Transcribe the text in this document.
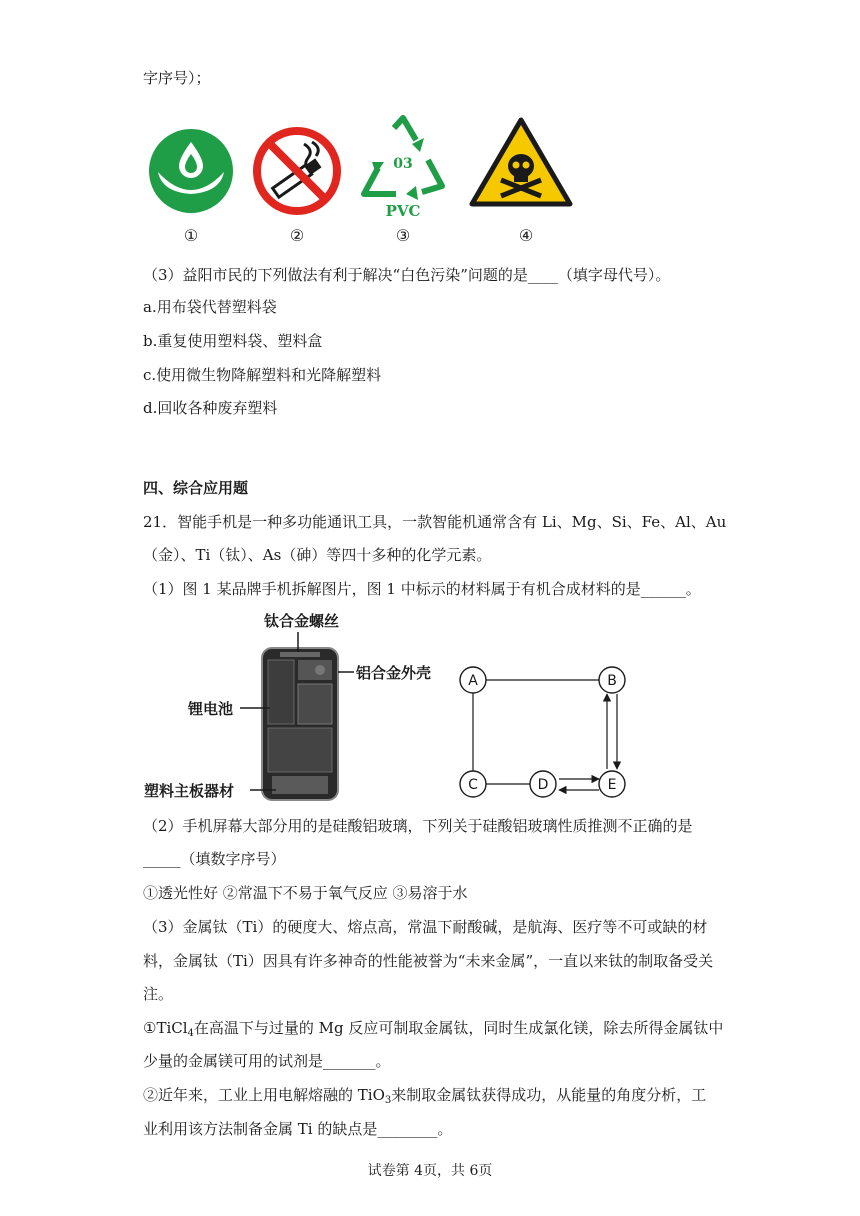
字序号）；
①	②
03
PVC
③	④
（3）益阳市民的下列做法有利于解决“白色污染”问题的是____（填字母代号）。
a.用布袋代替塑料袋
b.重复使用塑料袋、塑料盒
c.使用微生物降解塑料和光降解塑料
d.回收各种废弃塑料
四、综合应用题
21．智能手机是一种多功能通讯工具，一款智能机通常含有 Li、Mg、Si、Fe、Al、Au
（金）、Ti（钛）、As（砷）等四十多种的化学元素。
（1）图 1 某品牌手机拆解图片，图 1 中标示的材料属于有机合成材料的是______。
钛合金螺丝
铝合金外壳
锂电池
塑料主板器材
A	B
C	D	E
（2）手机屏幕大部分用的是硅酸铝玻璃，下列关于硅酸铝玻璃性质推测不正确的是
_____（填数字序号）
①透光性好 ②常温下不易于氧气反应 ③易溶于水
（3）金属钛（Ti）的硬度大、熔点高，常温下耐酸碱，是航海、医疗等不可或缺的材
料，金属钛（Ti）因具有许多神奇的性能被誉为“未来金属”，一直以来钛的制取备受关
注。
①TiCl$_4$在高温下与过量的 Mg 反应可制取金属钛，同时生成氯化镁，除去所得金属钛中
少量的金属镁可用的试剂是_______。
②近年来，工业上用电解熔融的 TiO$_3$来制取金属钛获得成功，从能量的角度分析，工
业利用该方法制备金属 Ti 的缺点是________。
试卷第 4页，共 6页
